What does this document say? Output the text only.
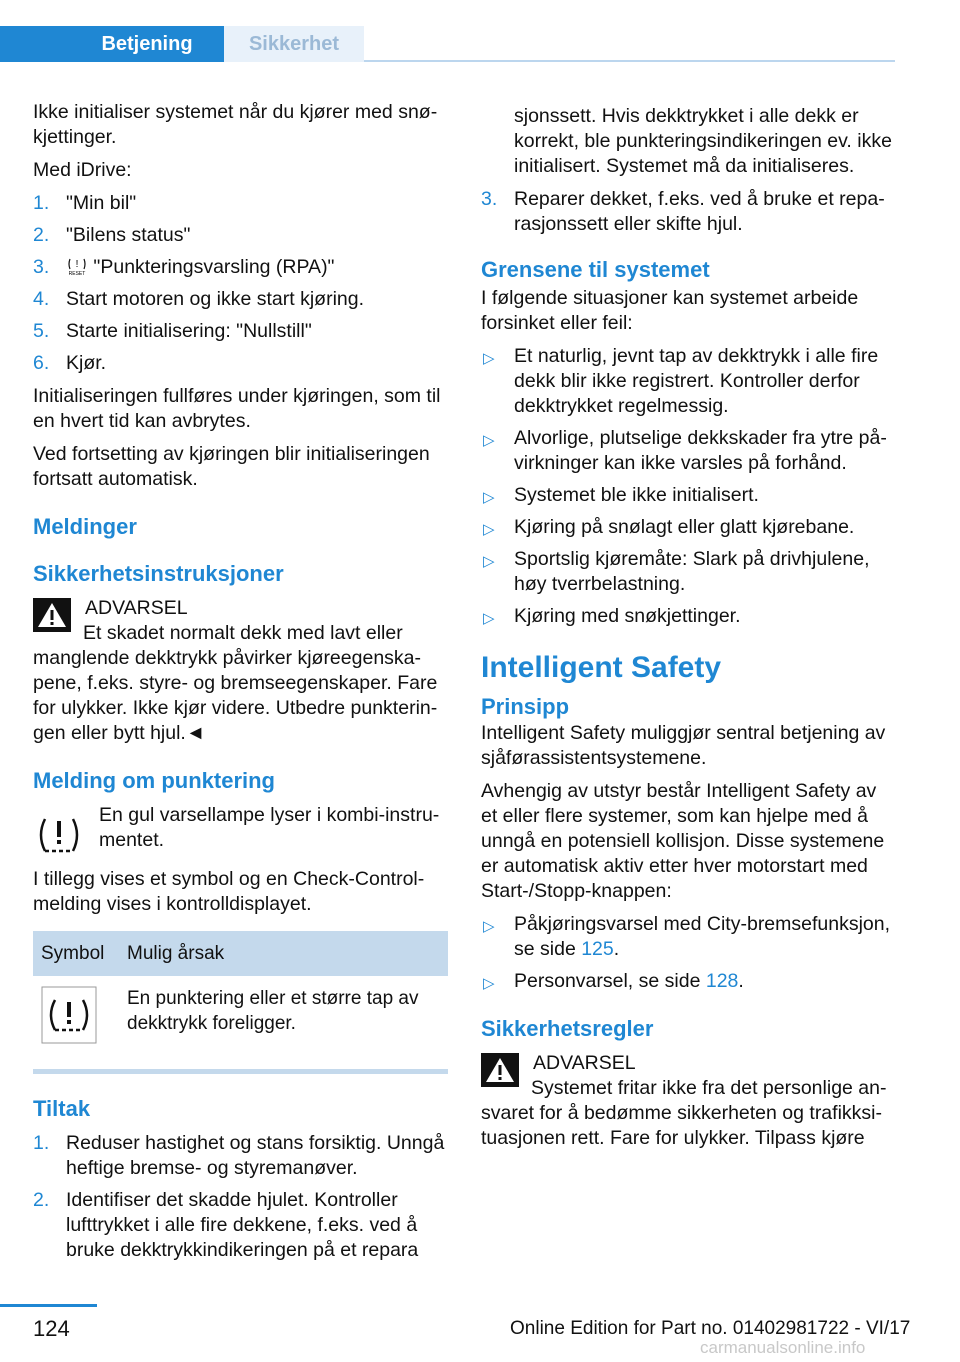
Betjening	Sikkerhet

Ikke initialiser systemet når du kjører med snøkjettinger.

Med iDrive:

1. "Min bil"
2. "Bilens status"
3.	!
RESET "Punkteringsvarsling (RPA)"
4. Start motoren og ikke start kjøring.
5. Starte initialisering: "Nullstill"
6. Kjør.

Initialiseringen fullføres under kjøringen, som til en hvert tid kan avbrytes.

Ved fortsetting av kjøringen blir initialiseringen fortsatt automatisk.

Meldinger
Sikkerhetsinstruksjoner
ADVARSEL

Et skadet normalt dekk med lavt eller manglende dekktrykk påvirker kjøreegenskapene, f.eks. styre- og bremseegenskaper. Fare for ulykker. Ikke kjør videre. Utbedre punkteringen eller bytt hjul.◄

Melding om punktering

En gul varsellampe lyser i kombi-instrumentet.

I tillegg vises et symbol og en Check-Control-melding vises i kontrolldisplayet.

Symbol	Mulig årsak
	En punktering eller et større tap av dekktrykk foreligger.
Tiltak
1. Reduser hastighet og stans forsiktig. Unngå heftige bremse- og styremanøver.
2. Identifiser det skadde hjulet. Kontroller lufttrykket i alle fire dekkene, f.eks. ved å bruke dekktrykkindikeringen på et repara

sjonssett. Hvis dekktrykket i alle dekk er korrekt, ble punkteringsindikeringen ev. ikke initialisert. Systemet må da initialiseres.

3. Reparer dekket, f.eks. ved å bruke et reparasjonssett eller skifte hjul.
Grensene til systemet

I følgende situasjoner kan systemet arbeide forsinket eller feil:

▷ Et naturlig, jevnt tap av dekktrykk i alle fire dekk blir ikke registrert. Kontroller derfor dekktrykket regelmessig.
▷ Alvorlige, plutselige dekkskader fra ytre påvirkninger kan ikke varsles på forhånd.
▷ Systemet ble ikke initialisert.
▷ Kjøring på snølagt eller glatt kjørebane.
▷ Sportslig kjøremåte: Slark på drivhjulene, høy tverrbelastning.
▷ Kjøring med snøkjettinger.
Intelligent Safety
Prinsipp

Intelligent Safety muliggjør sentral betjening av sjåførassistentsystemene.

Avhengig av utstyr består Intelligent Safety av et eller flere systemer, som kan hjelpe med å unngå en potensiell kollisjon. Disse systemene er automatisk aktiv etter hver motorstart med Start-/Stopp-knappen:

▷ Påkjøringsvarsel med City-bremsefunksjon, se side 125.
▷ Personvarsel, se side 128.
Sikkerhetsregler
ADVARSEL

Systemet fritar ikke fra det personlige ansvaret for å bedømme sikkerheten og trafikksituasjonen rett. Fare for ulykker. Tilpass kjøre

124	Online Edition for Part no. 01402981722 - VI/17
carmanualsonline.info
